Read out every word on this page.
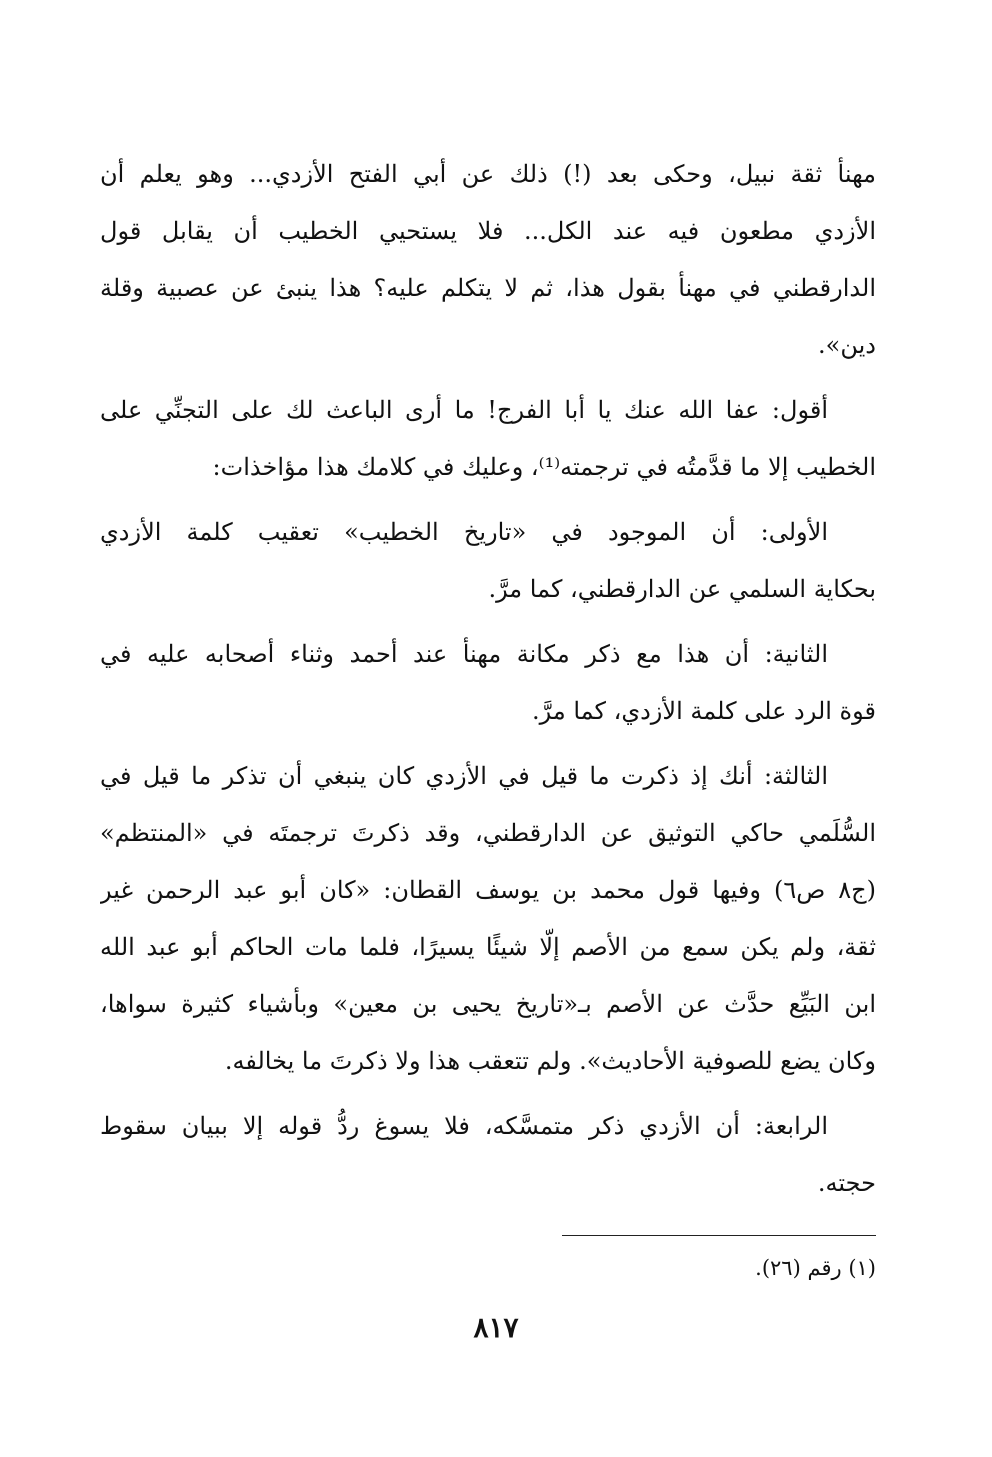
مهنأ ثقة نبيل، وحكى بعد (!) ذلك عن أبي الفتح الأزدي... وهو يعلم أن
الأزدي مطعون فيه عند الكل... فلا يستحيي الخطيب أن يقابل قول
الدارقطني في مهنأ بقول هذا، ثم لا يتكلم عليه؟ هذا ينبئ عن عصبية وقلة
دين».
أقول: عفا الله عنك يا أبا الفرج! ما أرى الباعث لك على التجنِّي على
الخطيب إلا ما قدَّمتُه في ترجمته⁽¹⁾، وعليك في كلامك هذا مؤاخذات:
الأولى: أن الموجود في «تاريخ الخطيب» تعقيب كلمة الأزدي
بحكاية السلمي عن الدارقطني، كما مرَّ.
الثانية: أن هذا مع ذكر مكانة مهنأ عند أحمد وثناء أصحابه عليه في
قوة الرد على كلمة الأزدي، كما مرَّ.
الثالثة: أنك إذ ذكرت ما قيل في الأزدي كان ينبغي أن تذكر ما قيل في
السُّلَمي حاكي التوثيق عن الدارقطني، وقد ذكرتَ ترجمتَه في «المنتظم»
(ج٨ ص٦) وفيها قول محمد بن يوسف القطان: «كان أبو عبد الرحمن غير
ثقة، ولم يكن سمع من الأصم إلّا شيئًا يسيرًا، فلما مات الحاكم أبو عبد الله
ابن البَيِّع حدَّث عن الأصم بـ«تاريخ يحيى بن معين» وبأشياء كثيرة سواها،
وكان يضع للصوفية الأحاديث». ولم تتعقب هذا ولا ذكرتَ ما يخالفه.
الرابعة: أن الأزدي ذكر متمسَّكه، فلا يسوغ ردُّ قوله إلا ببيان سقوط
حجته.
(١) رقم (٢٦).
٨١٧
